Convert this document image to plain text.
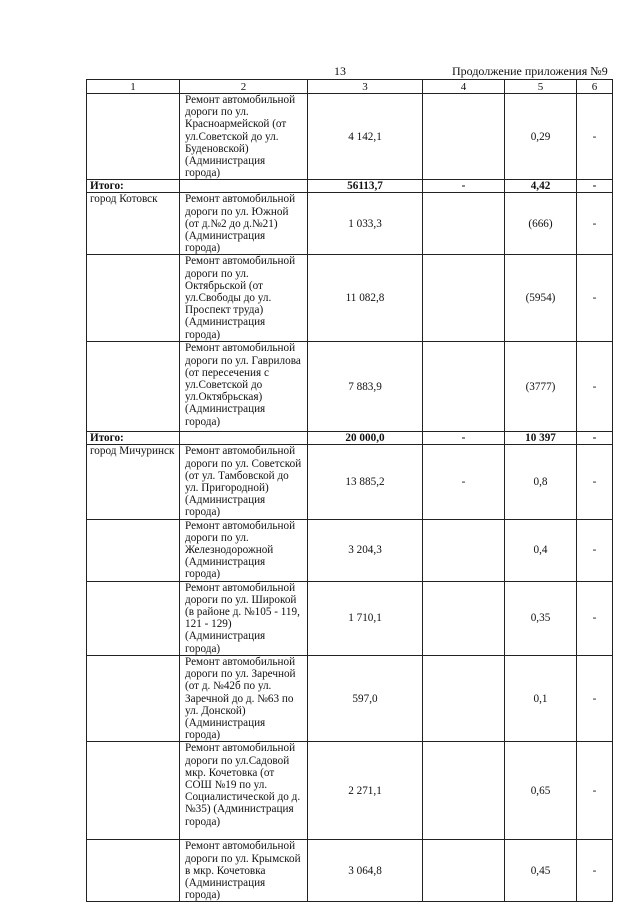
13	Продолжение приложения №9
1	2	3	4	5	6
	Ремонт автомобильной дороги по ул. Красноармейской (от ул.Советской до ул. Буденовской) (Администрация города)	4 142,1		0,29	-
Итого:		56113,7	-	4,42	-
город Котовск	Ремонт автомобильной дороги по ул. Южной (от д.№2 до д.№21) (Администрация города)	1 033,3		(666)	-
	Ремонт автомобильной дороги по ул. Октябрьской (от ул.Свободы до ул. Проспект труда) (Администрация города)	11 082,8		(5954)	-
	Ремонт автомобильной дороги по ул. Гаврилова (от пересечения с ул.Советской до ул.Октябрьская) (Администрация города)	7 883,9		(3777)	-
Итого:		20 000,0	-	10 397	-
город Мичуринск	Ремонт автомобильной дороги по ул. Советской (от ул. Тамбовской до ул. Пригородной) (Администрация города)	13 885,2	-	0,8	-
	Ремонт автомобильной дороги по ул. Железнодорожной (Администрация города)	3 204,3		0,4	-
	Ремонт автомобильной дороги по ул. Широкой (в районе д. №105 - 119, 121 - 129) (Администрация города)	1 710,1		0,35	-
	Ремонт автомобильной дороги по ул. Заречной (от д. №42б по ул. Заречной до д. №63 по ул. Донской) (Администрация города)	597,0		0,1	-
	Ремонт автомобильной дороги по ул.Садовой мкр. Кочетовка (от СОШ №19 по ул. Социалистической до д. №35) (Администрация города)	2 271,1		0,65	-
	Ремонт автомобильной дороги по ул. Крымской в мкр. Кочетовка (Администрация города)	3 064,8		0,45	-
